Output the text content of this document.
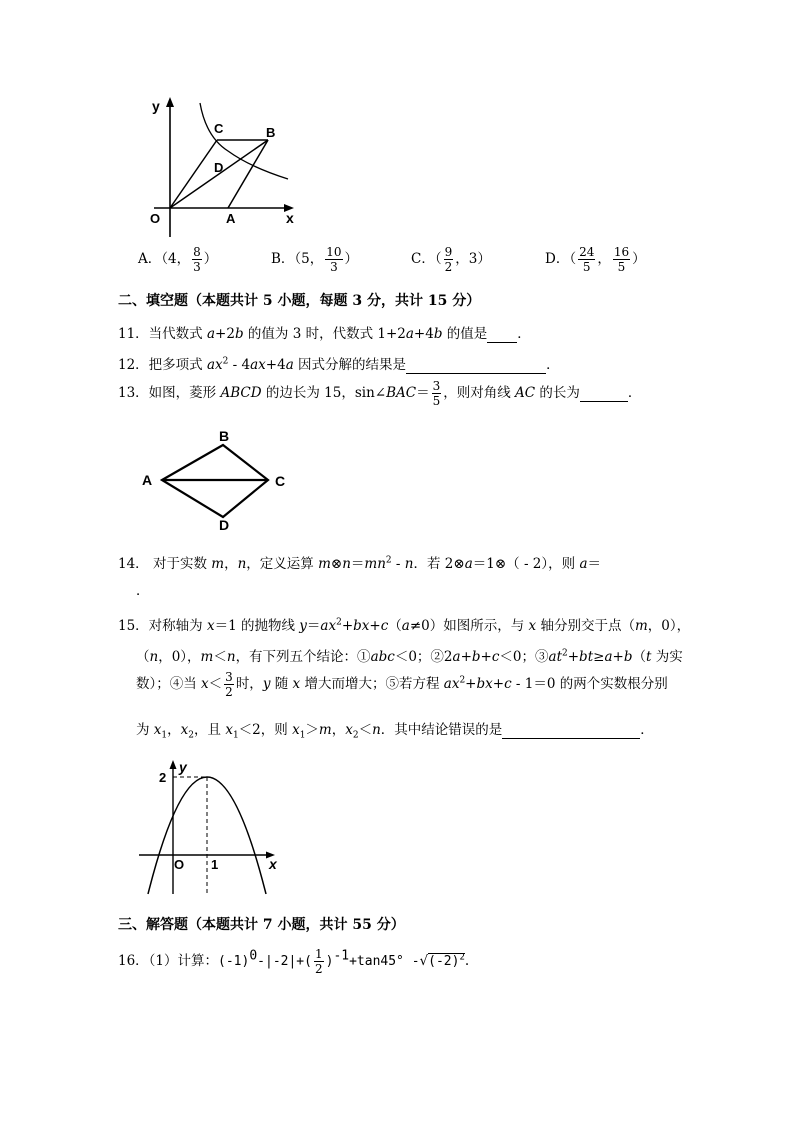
y
x
O	A
B
C
D
A．（4， $\frac{8}{3}$ ）	B．（5， $\frac{10}{3}$ ）	C．（ $\frac{9}{2}$ ，3）	D．（ $\frac{24}{5}$ ， $\frac{16}{5}$ ）
二、填空题（本题共计 5 小题，每题 3 分，共计 15 分）
11．当代数式 a+2b 的值为 3 时，代数式 1+2a+4b 的值是 ．
12．把多项式 $ax^2 - 4ax+4a$ 因式分解的结果是	．
13．如图，菱形 ABCD 的边长为 15，sin∠BAC＝ $\frac{3}{5}$ ，则对角线 AC 的长为	．
A
B
C
D
14． 对于实数 m，n，定义运算 $m\otimes n=mn^2 - n$．若 2⊗a＝1⊗（ - 2），则 a＝
．
15．对称轴为 x＝1 的抛物线 $y=ax^2+bx+c(a\ne 0)$如图所示，与 x 轴分别交于点（m，0），
（n，0），m＜n，有下列五个结论：①abc＜0；②2a+b+c＜0；$③at^2+bt\ge a+b(t$ 为实
数）；④当 $x< \frac{3}{2}$ 时，y 随 x 增大而增大；⑤若方程 $ax^2+bx+c - 1=0$ 的两个实数根分别
为 $x_1$，$x_2$，且 $x_1<2$，则 $x_1>m$，$x_2<n$．其中结论错误的是	．
y
x
2
O 1
三、解答题（本题共计 7 小题，共计 55 分）
16．（1）计算：$(-1)^0-|-2|+( \frac{1}{2} )^{-1}+\tan 45^\circ$ $-√(-2)^2$.
